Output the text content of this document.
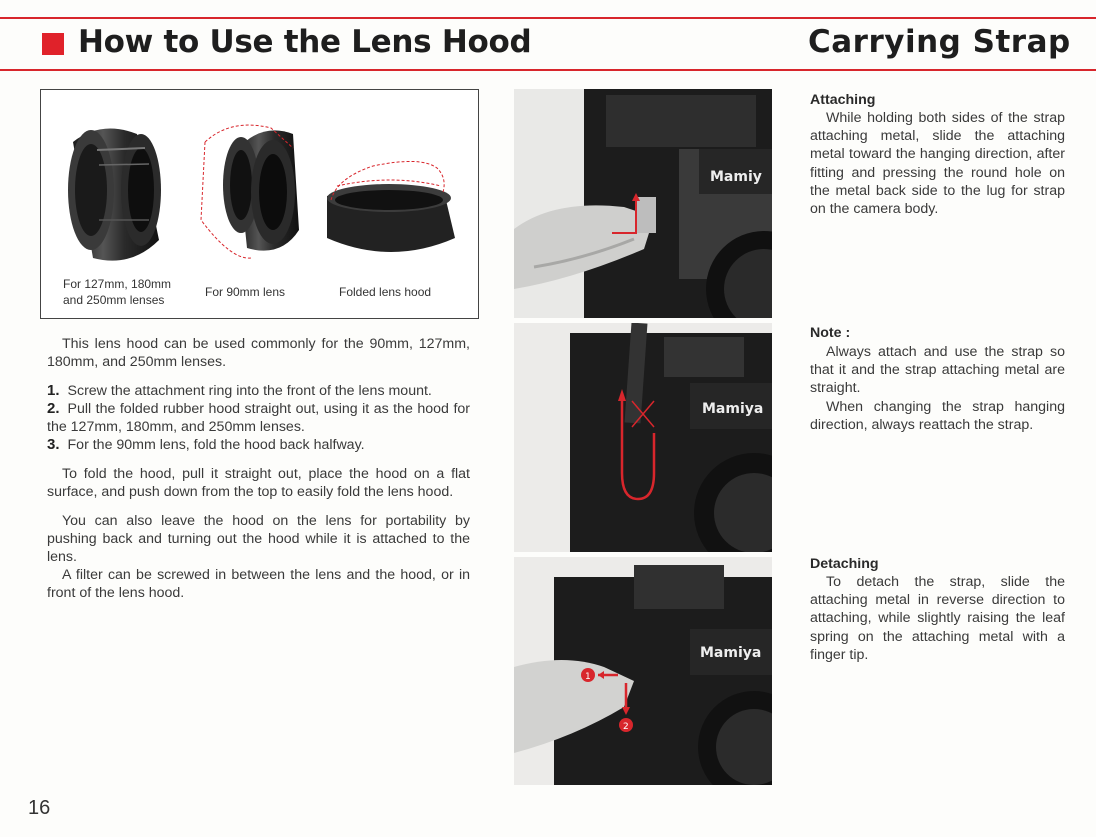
How to Use the Lens Hood	Carrying Strap
For 127mm, 180mm and 250mm lenses
For 90mm lens	Folded lens hood

This lens hood can be used commonly for the 90mm, 127mm, 180mm, and 250mm lenses.

1. Screw the attachment ring into the front of the lens mount.

2. Pull the folded rubber hood straight out, using it as the hood for the 127mm, 180mm, and 250mm lenses.

3. For the 90mm lens, fold the hood back halfway.

To fold the hood, pull it straight out, place the hood on a flat surface, and push down from the top to easily fold the lens hood.

You can also leave the hood on the lens for portability by pushing back and turning out the hood while it is attached to the lens.

A filter can be screwed in between the lens and the hood, or in front of the lens hood.

Mamiy
Mamiya
Mamiya
1
2
Attaching

While holding both sides of the strap attaching metal, slide the attaching metal toward the hanging direction, after fitting and pressing the round hole on the metal back side to the lug for strap on the camera body.

Note :

Always attach and use the strap so that it and the strap attaching metal are straight.

When changing the strap hanging direction, always reattach the strap.

Detaching

To detach the strap, slide the attaching metal in reverse direction to attaching, while slightly raising the leaf spring on the attaching metal with a finger tip.

16
